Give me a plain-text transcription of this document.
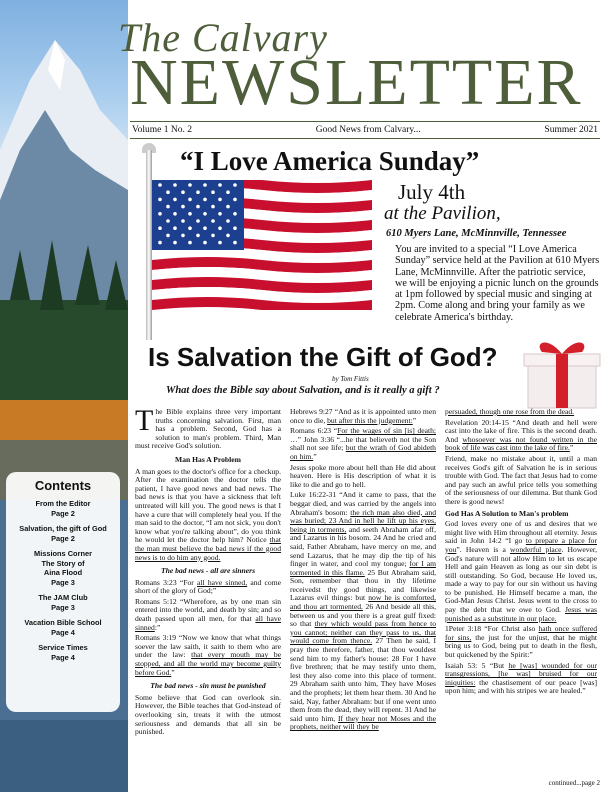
Contents
From the Editor
Page 2
Salvation, the gift of God
Page 2
Missions Corner
The Story of
Aina Flood
Page 3
The JAM Club
Page 3
Vacation Bible School
Page 4
Service Times
Page 4
The Calvary
NEWSLETTER
Volume 1 No. 2	Good News from Calvary...	Summer 2021
“I Love America Sunday”
July 4th
at the Pavilion,
610 Myers Lane, McMinnville, Tennessee
You are invited to a special “I Love America Sunday” service held at the Pavilion at 610 Myers Lane, McMinnville. After the patriotic service, we will be enjoying a picnic lunch on the grounds at 1pm followed by special music and singing at 2pm. Come along and bring your family as we celebrate America's birthday.
Is Salvation the Gift of God?
by Tom Fittis
What does the Bible say about Salvation, and is it really a gift ?

The Bible explains three very important truths concerning salvation. First, man has a problem. Second, God has a solution to man's problem. Third, Man must receive God's solution.

Man Has A Problem

A man goes to the doctor's office for a checkup. After the examination the doctor tells the patient, I have good news and bad news. The bad news is that you have a sickness that left untreated will kill you. The good news is that I have a cure that will completely heal you. If the man said to the doctor, “I am not sick, you don't know what you're talking about”, do you think he would let the doctor help him? Notice that the man must believe the bad news if the good news is to do him any good.

The bad news - all are sinners

Romans 3:23 “For all have sinned, and come short of the glory of God;”

Romans 5:12 “Wherefore, as by one man sin entered into the world, and death by sin; and so death passed upon all men, for that all have sinned:”

Romans 3:19 “Now we know that what things soever the law saith, it saith to them who are under the law: that every mouth may be stopped, and all the world may become guilty before God.”

The bad news - sin must be punished

Some believe that God can overlook sin. However, the Bible teaches that God-instead of overlooking sin, treats it with the utmost seriousness and demands that all sin be punished.

Hebrews 9:27 “And as it is appointed unto men once to die, but after this the judgement:”

Romans 6:23 “For the wages of sin [is] death; …” John 3:36 “...he that believeth not the Son shall not see life; but the wrath of God abideth on him.”

Jesus spoke more about hell than He did about heaven. Here is His description of what it is like to die and go to hell.

Luke 16:22-31 “And it came to pass, that the beggar died, and was carried by the angels into Abraham's bosom: the rich man also died, and was buried; 23 And in hell he lift up his eyes, being in torments, and seeth Abraham afar off, and Lazarus in his bosom. 24 And he cried and said, Father Abraham, have mercy on me, and send Lazarus, that he may dip the tip of his finger in water, and cool my tongue; for I am tormented in this flame. 25 But Abraham said, Son, remember that thou in thy lifetime receivedst thy good things, and likewise Lazarus evil things: but now he is comforted, and thou art tormented. 26 And beside all this, between us and you there is a great gulf fixed: so that they which would pass from hence to you cannot; neither can they pass to us, that would come from thence. 27 Then he said, I pray thee therefore, father, that thou wouldest send him to my father's house: 28 For I have five brethren; that he may testify unto them, lest they also come into this place of torment. 29 Abraham saith unto him, They have Moses and the prophets; let them hear them. 30 And he said, Nay, father Abraham: but if one went unto them from the dead, they will repent. 31 And he said unto him, If they hear not Moses and the prophets, neither will they be

persuaded, though one rose from the dead.

Revelation 20:14-15 “And death and hell were cast into the lake of fire. This is the second death. And whosoever was not found written in the book of life was cast into the lake of fire.”

Friend, make no mistake about it, until a man receives God's gift of Salvation he is in serious trouble with God. The fact that Jesus had to come and pay such an awful price tells you something of the seriousness of our dilemma. But thank God there is good news!

God Has A Solution to Man's problem

God loves every one of us and desires that we might live with Him throughout all eternity. Jesus said in John 14:2 “I go to prepare a place for you”. Heaven is a wonderful place. However, God's nature will not allow Him to let us escape Hell and gain Heaven as long as our sin debt is still outstanding. So God, because He loved us, made a way to pay for our sin without us having to be punished. He Himself became a man, the God-Man Jesus Christ. Jesus went to the cross to pay the debt that we owe to God. Jesus was punished as a substitute in our place.

1Peter 3:18 “For Christ also hath once suffered for sins, the just for the unjust, that he might bring us to God, being put to death in the flesh, but quickened by the Spirit:”

Isaiah 53: 5 “But he [was] wounded for our transgressions, [he was] bruised for our iniquities: the chastisement of our peace [was] upon him; and with his stripes we are healed.”

continued...page 2
